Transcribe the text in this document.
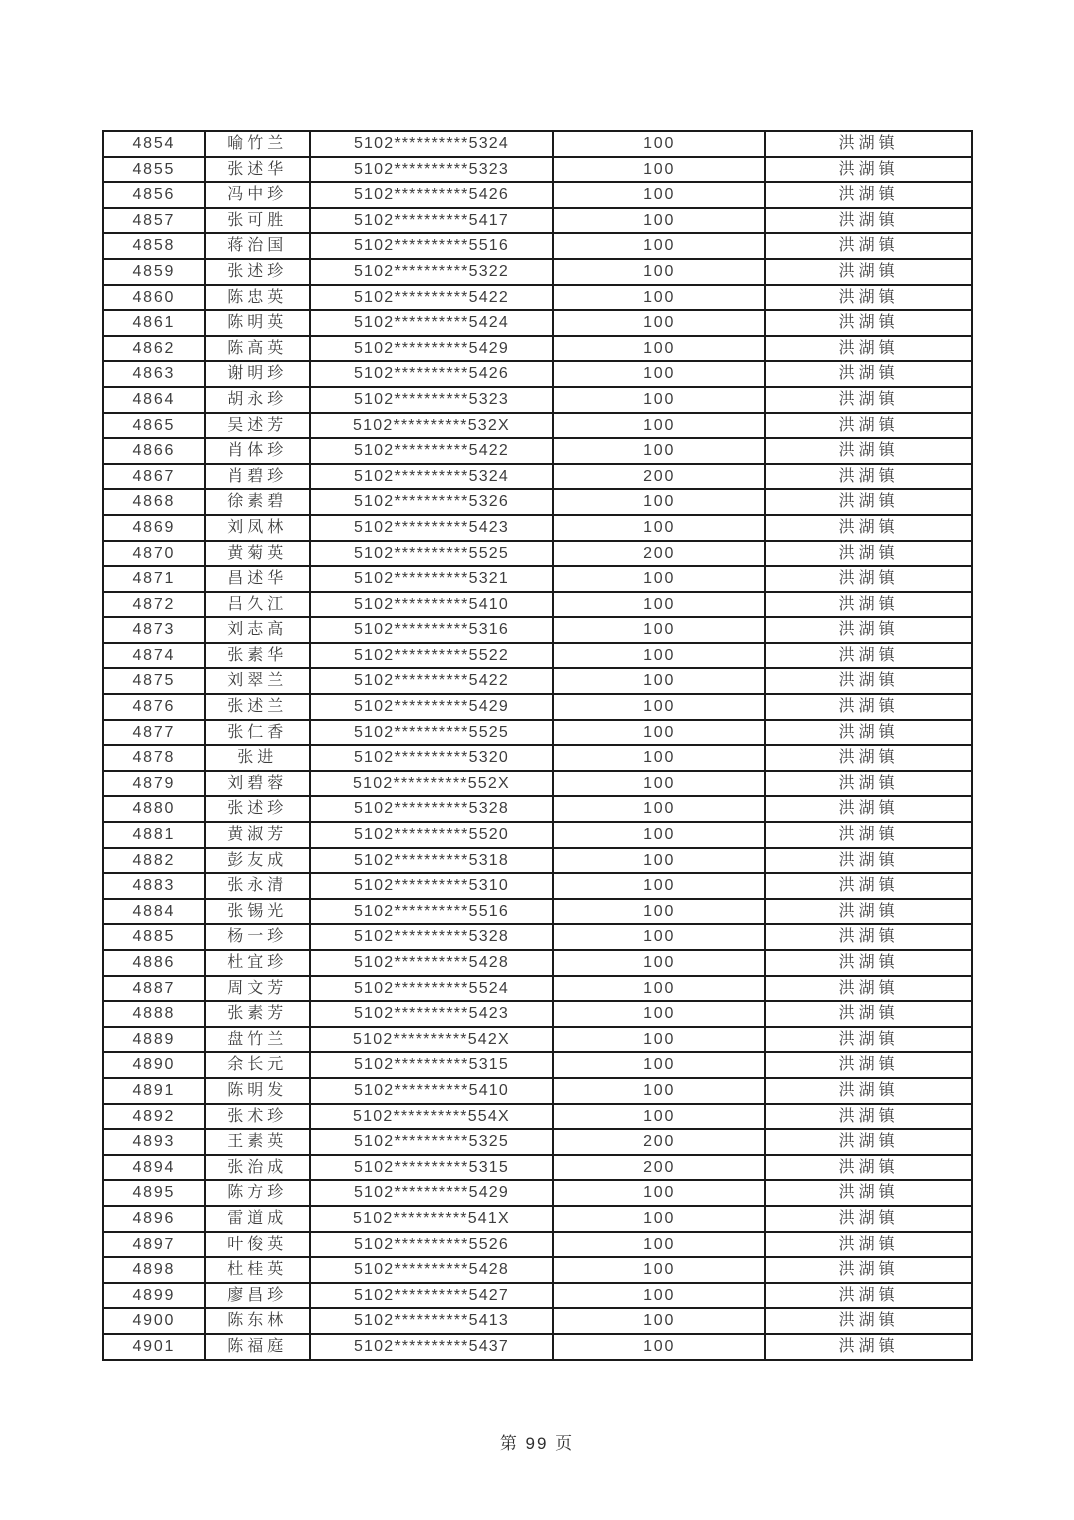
4854	喻竹兰	5102**********5324	100	洪湖镇
4855	张述华	5102**********5323	100	洪湖镇
4856	冯中珍	5102**********5426	100	洪湖镇
4857	张可胜	5102**********5417	100	洪湖镇
4858	蒋治国	5102**********5516	100	洪湖镇
4859	张述珍	5102**********5322	100	洪湖镇
4860	陈忠英	5102**********5422	100	洪湖镇
4861	陈明英	5102**********5424	100	洪湖镇
4862	陈高英	5102**********5429	100	洪湖镇
4863	谢明珍	5102**********5426	100	洪湖镇
4864	胡永珍	5102**********5323	100	洪湖镇
4865	吴述芳	5102**********532X	100	洪湖镇
4866	肖体珍	5102**********5422	100	洪湖镇
4867	肖碧珍	5102**********5324	200	洪湖镇
4868	徐素碧	5102**********5326	100	洪湖镇
4869	刘凤林	5102**********5423	100	洪湖镇
4870	黄菊英	5102**********5525	200	洪湖镇
4871	昌述华	5102**********5321	100	洪湖镇
4872	吕久江	5102**********5410	100	洪湖镇
4873	刘志高	5102**********5316	100	洪湖镇
4874	张素华	5102**********5522	100	洪湖镇
4875	刘翠兰	5102**********5422	100	洪湖镇
4876	张述兰	5102**********5429	100	洪湖镇
4877	张仁香	5102**********5525	100	洪湖镇
4878	张进	5102**********5320	100	洪湖镇
4879	刘碧蓉	5102**********552X	100	洪湖镇
4880	张述珍	5102**********5328	100	洪湖镇
4881	黄淑芳	5102**********5520	100	洪湖镇
4882	彭友成	5102**********5318	100	洪湖镇
4883	张永清	5102**********5310	100	洪湖镇
4884	张锡光	5102**********5516	100	洪湖镇
4885	杨一珍	5102**********5328	100	洪湖镇
4886	杜宜珍	5102**********5428	100	洪湖镇
4887	周文芳	5102**********5524	100	洪湖镇
4888	张素芳	5102**********5423	100	洪湖镇
4889	盘竹兰	5102**********542X	100	洪湖镇
4890	余长元	5102**********5315	100	洪湖镇
4891	陈明发	5102**********5410	100	洪湖镇
4892	张术珍	5102**********554X	100	洪湖镇
4893	王素英	5102**********5325	200	洪湖镇
4894	张治成	5102**********5315	200	洪湖镇
4895	陈方珍	5102**********5429	100	洪湖镇
4896	雷道成	5102**********541X	100	洪湖镇
4897	叶俊英	5102**********5526	100	洪湖镇
4898	杜桂英	5102**********5428	100	洪湖镇
4899	廖昌珍	5102**********5427	100	洪湖镇
4900	陈东林	5102**********5413	100	洪湖镇
4901	陈福庭	5102**********5437	100	洪湖镇
第 99 页
